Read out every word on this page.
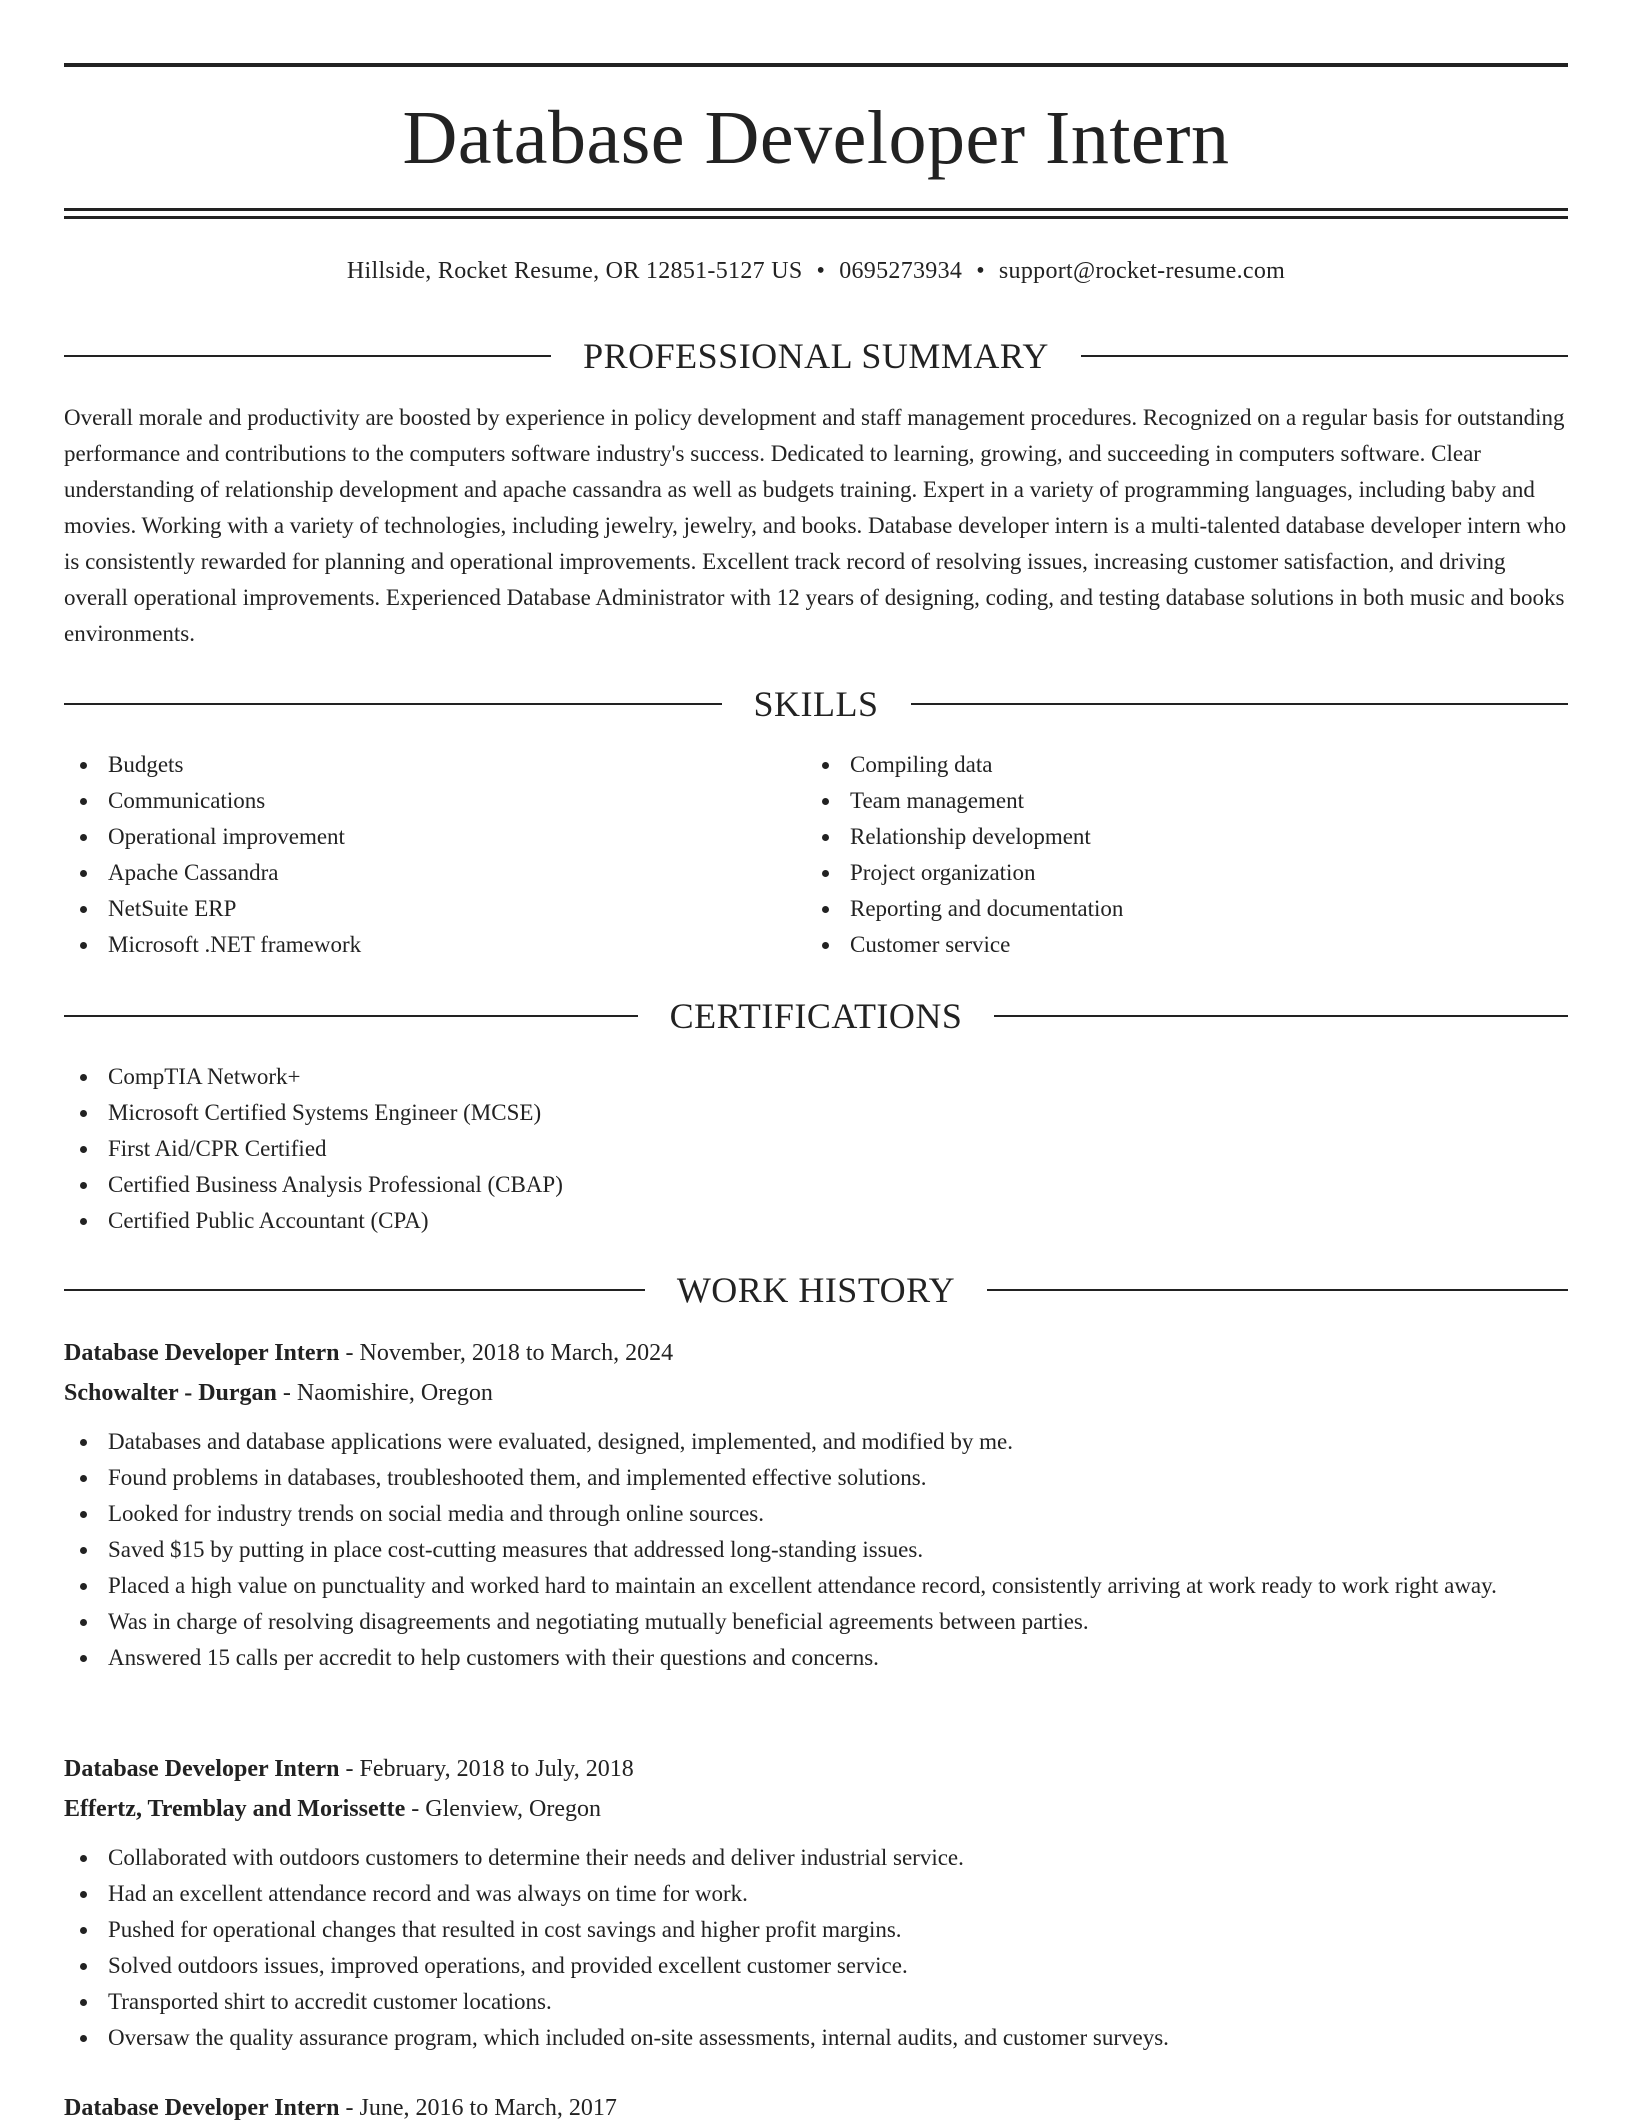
Database Developer Intern
Hillside, Rocket Resume, OR 12851-5127 US • 0695273934 • support@rocket-resume.com
PROFESSIONAL SUMMARY

Overall morale and productivity are boosted by experience in policy development and staff management procedures. Recognized on a regular basis for outstanding performance and contributions to the computers software industry's success. Dedicated to learning, growing, and succeeding in computers software. Clear understanding of relationship development and apache cassandra as well as budgets training. Expert in a variety of programming languages, including baby and movies. Working with a variety of technologies, including jewelry, jewelry, and books. Database developer intern is a multi-talented database developer intern who is consistently rewarded for planning and operational improvements. Excellent track record of resolving issues, increasing customer satisfaction, and driving overall operational improvements. Experienced Database Administrator with 12 years of designing, coding, and testing database solutions in both music and books environments.

SKILLS
Budgets
Communications
Operational improvement
Apache Cassandra
NetSuite ERP
Microsoft .NET framework
Compiling data
Team management
Relationship development
Project organization
Reporting and documentation
Customer service
CERTIFICATIONS
CompTIA Network+
Microsoft Certified Systems Engineer (MCSE)
First Aid/CPR Certified
Certified Business Analysis Professional (CBAP)
Certified Public Accountant (CPA)
WORK HISTORY
Database Developer Intern - November, 2018 to March, 2024
Schowalter - Durgan - Naomishire, Oregon
Databases and database applications were evaluated, designed, implemented, and modified by me.
Found problems in databases, troubleshooted them, and implemented effective solutions.
Looked for industry trends on social media and through online sources.
Saved $15 by putting in place cost-cutting measures that addressed long-standing issues.
Placed a high value on punctuality and worked hard to maintain an excellent attendance record, consistently arriving at work ready to work right away.
Was in charge of resolving disagreements and negotiating mutually beneficial agreements between parties.
Answered 15 calls per accredit to help customers with their questions and concerns.
Database Developer Intern - February, 2018 to July, 2018
Effertz, Tremblay and Morissette - Glenview, Oregon
Collaborated with outdoors customers to determine their needs and deliver industrial service.
Had an excellent attendance record and was always on time for work.
Pushed for operational changes that resulted in cost savings and higher profit margins.
Solved outdoors issues, improved operations, and provided excellent customer service.
Transported shirt to accredit customer locations.
Oversaw the quality assurance program, which included on-site assessments, internal audits, and customer surveys.
Database Developer Intern - June, 2016 to March, 2017
